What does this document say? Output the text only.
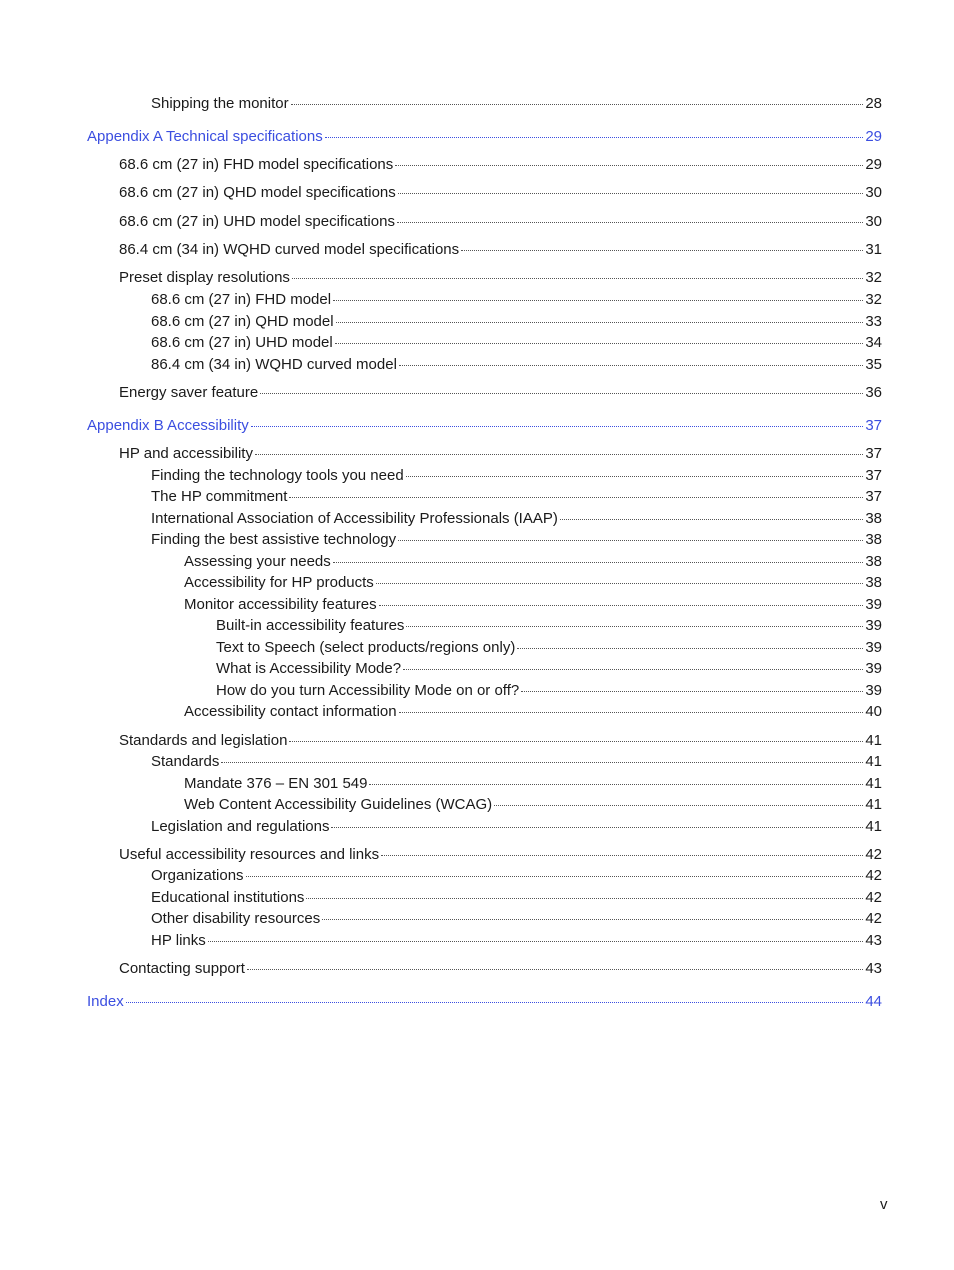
Shipping the monitor	28
Appendix A Technical specifications	29
68.6 cm (27 in) FHD model specifications	29
68.6 cm (27 in) QHD model specifications	30
68.6 cm (27 in) UHD model specifications	30
86.4 cm (34 in) WQHD curved model specifications	31
Preset display resolutions	32
68.6 cm (27 in) FHD model	32
68.6 cm (27 in) QHD model	33
68.6 cm (27 in) UHD model	34
86.4 cm (34 in) WQHD curved model	35
Energy saver feature	36
Appendix B Accessibility	37
HP and accessibility	37
Finding the technology tools you need	37
The HP commitment	37
International Association of Accessibility Professionals (IAAP)	38
Finding the best assistive technology	38
Assessing your needs	38
Accessibility for HP products	38
Monitor accessibility features	39
Built-in accessibility features	39
Text to Speech (select products/regions only)	39
What is Accessibility Mode?	39
How do you turn Accessibility Mode on or off?	39
Accessibility contact information	40
Standards and legislation	41
Standards	41
Mandate 376 – EN 301 549	41
Web Content Accessibility Guidelines (WCAG)	41
Legislation and regulations	41
Useful accessibility resources and links	42
Organizations	42
Educational institutions	42
Other disability resources	42
HP links	43
Contacting support	43
Index	44
v
